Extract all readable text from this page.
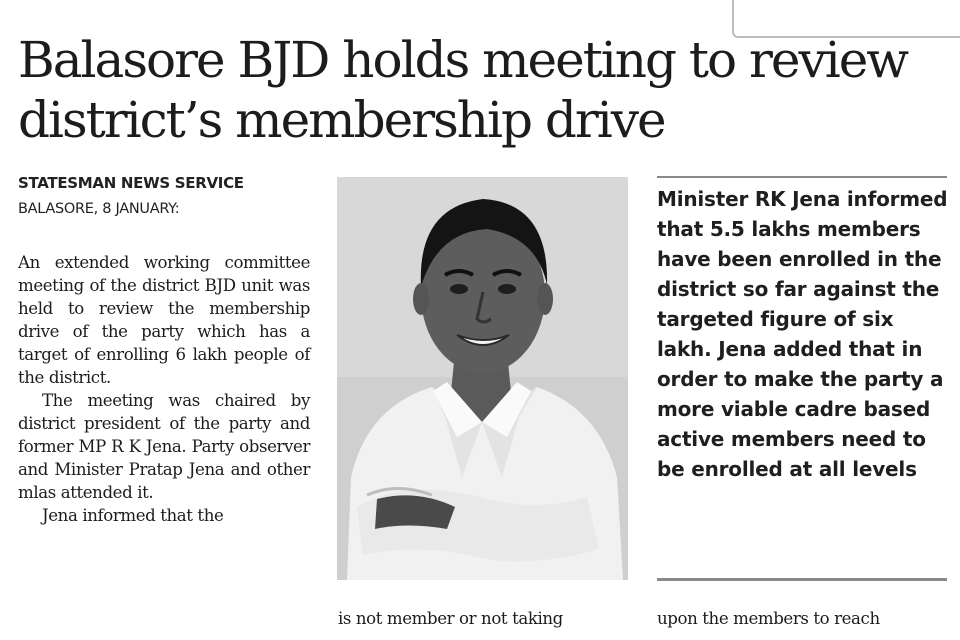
Balasore BJD holds meeting to review district’s membership drive
STATESMAN NEWS SERVICE
BALASORE, 8 JANUARY:

An extended working committee meeting of the district BJD unit was held to review the membership drive of the party which has a target of enrolling 6 lakh people of the district.

The meeting was chaired by district president of the party and former MP R K Jena. Party observer and Minister Pratap Jena and other mlas attended it.

Jena informed that the

Minister RK Jena informed that 5.5 lakhs members have been enrolled in the district so far against the targeted figure of six lakh. Jena added that in order to make the party a more viable cadre based active members need to be enrolled at all levels

is not member or not taking	upon the members to reach
